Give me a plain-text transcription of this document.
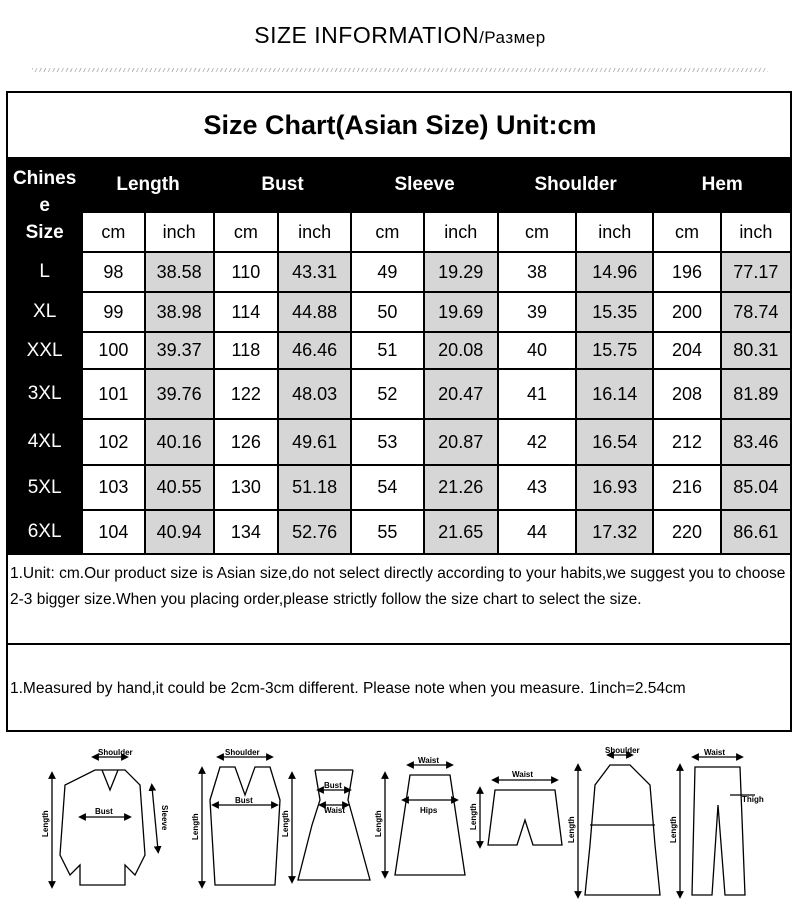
SIZE INFORMATION/Размер
Size Chart(Asian Size) Unit:cm
Chines
e
Size	Length		Bust		Sleeve		Shoulder		Hem	
	cm	inch	cm	inch	cm	inch	cm	inch	cm	inch
L	98	38.58	110	43.31	49	19.29	38	14.96	196	77.17
XL	99	38.98	114	44.88	50	19.69	39	15.35	200	78.74
XXL	100	39.37	118	46.46	51	20.08	40	15.75	204	80.31
3XL	101	39.76	122	48.03	52	20.47	41	16.14	208	81.89
4XL	102	40.16	126	49.61	53	20.87	42	16.54	212	83.46
5XL	103	40.55	130	51.18	54	21.26	43	16.93	216	85.04
6XL	104	40.94	134	52.76	55	21.65	44	17.32	220	86.61
1.Unit: cm.Our product size is Asian size,do not select directly according to your habits,we suggest you to choose 2-3 bigger size.When you placing order,please strictly follow the size chart to select the size.
1.Measured by hand,it could be 2cm-3cm different. Please note when you measure. 1inch=2.54cm
Shoulder
Bust
Length	Sleeve
Shoulder
Bust
Length
Bust
Waist
Length
Waist
Hips
Length
Waist
Length
Shoulder
Length
Waist
Thigh
Length
